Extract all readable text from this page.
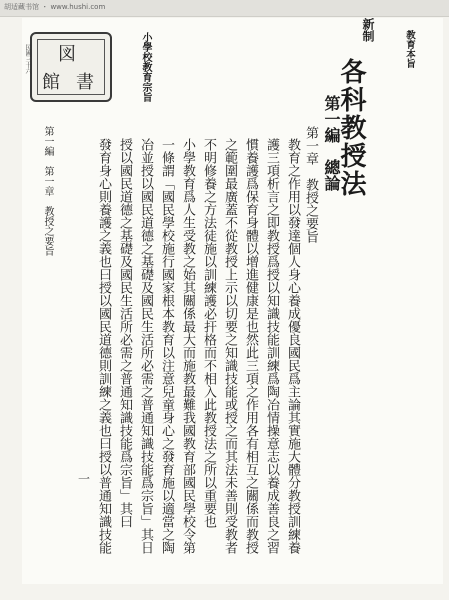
胡适藏书馆 ・ www.hushi.com
図
館 書
民國三十六	小學校教育宗旨	教育本旨
新制
各科教授法
第一編　總論
第一章　教授之要旨
教育之作用以發達個人身心養成優良國民爲主論其實施大體分教授訓練養
護三項析言之即教授爲授以知識技能訓練爲陶冶情操意志以養成善良之習
慣養護爲保育身體以增進健康是也然此三項之作用各有相互之關係而教授
之範圍最廣蓋不從教授上示以切要之知識技能或授之而其法未善則受教者
不明修養之方法徒施以訓練護必扞格而不相入此教授法之所以重要也
小學教育爲人生受教之始其關係最大而施教最難我國教育部國民學校令第
一條謂「國民學校施行國家根本教育以注意兒童身心之發育施以適當之陶
冶並授以國民道德之基礎及國民生活所必需之普通知識技能爲宗旨」其日
授以國民道德之基礎及國民生活所必需之普通知識技能爲宗旨」其曰
發育身心則養護之義也曰授以國民道德則訓練之義也曰授以普通知識技能
第一編　第一章　教授之要旨
一
